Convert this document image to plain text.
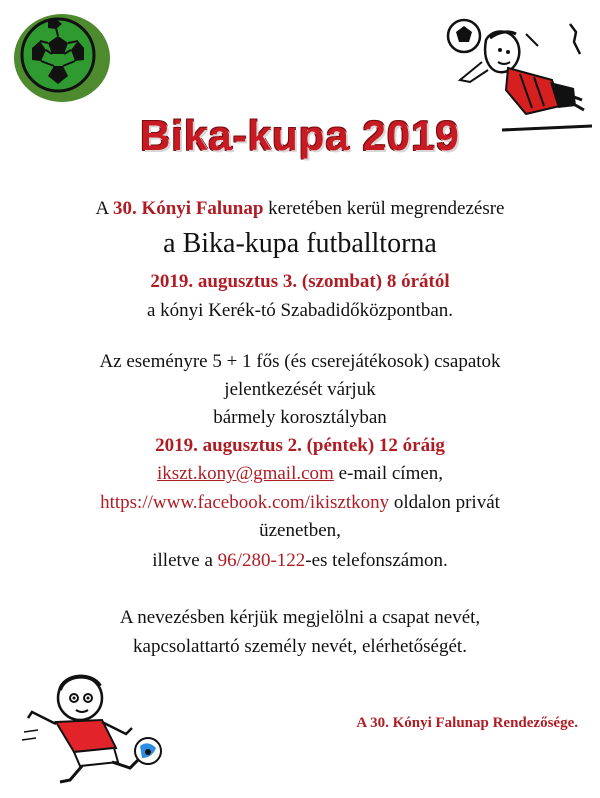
Bika-kupa 2019
A 30. Kónyi Falunap keretében kerül megrendezésre
a Bika-kupa futballtorna
2019. augusztus 3. (szombat) 8 órától
a kónyi Kerék-tó Szabadidőközpontban.
Az eseményre 5 + 1 fős (és cserejátékosok) csapatok
jelentkezését várjuk
bármely korosztályban
2019. augusztus 2. (péntek) 12 óráig
ikszt.kony@gmail.com e-mail címen,
https://www.facebook.com/ikisztkony oldalon privát
üzenetben,
illetve a 96/280-122-es telefonszámon.
A nevezésben kérjük megjelölni a csapat nevét,
kapcsolattartó személy nevét, elérhetőségét.
A 30. Kónyi Falunap Rendezősége.
